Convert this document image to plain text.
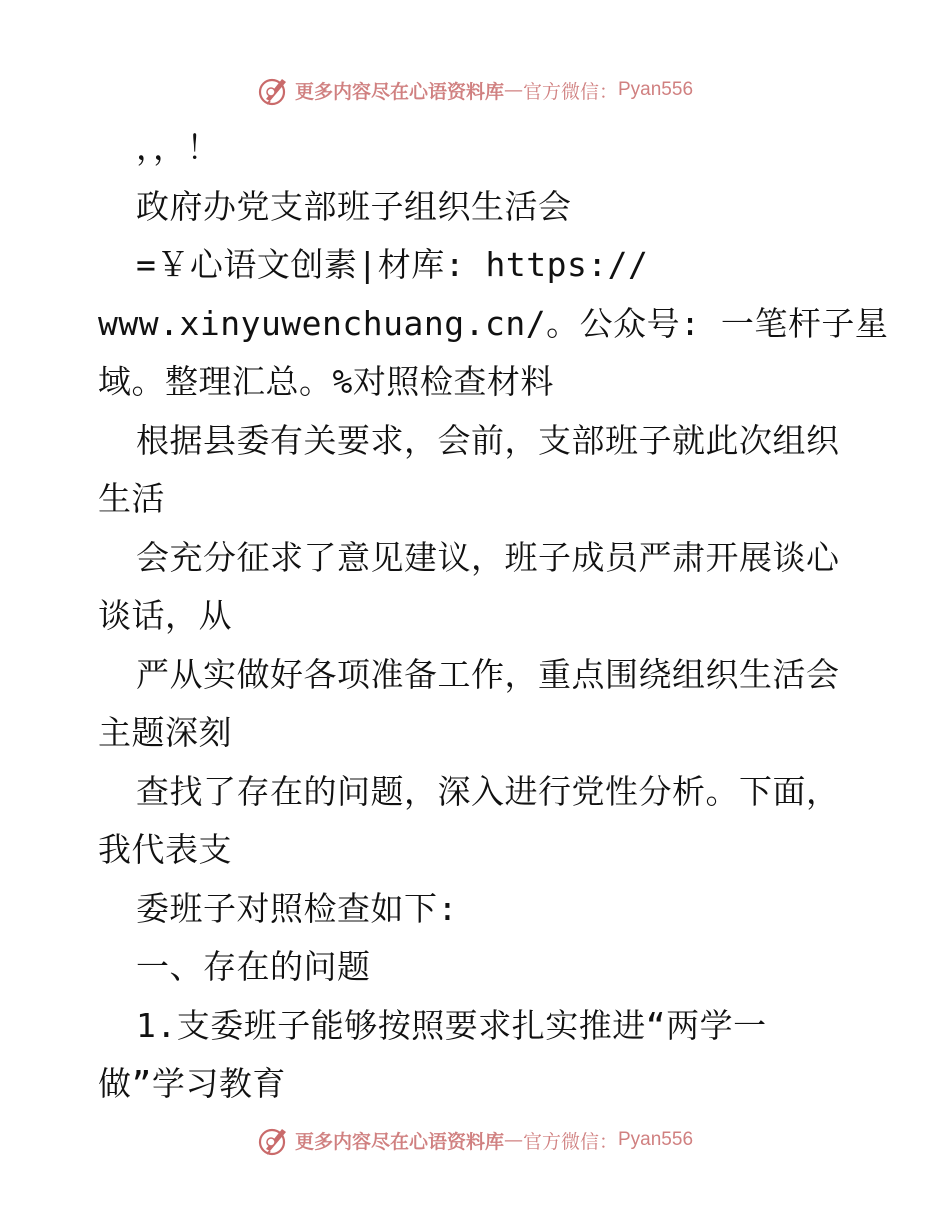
更多内容尽在心语资料库 — 官方微信： Pyan556
，，！
政府办党支部班子组织生活会
=￥心语文创素|材库: https://
www.xinyuwenchuang.cn/。公众号: 一笔杆子星
域。整理汇总。%对照检查材料
根据县委有关要求，会前，支部班子就此次组织
生活
会充分征求了意见建议，班子成员严肃开展谈心
谈话，从
严从实做好各项准备工作，重点围绕组织生活会
主题深刻
查找了存在的问题，深入进行党性分析。下面，
我代表支
委班子对照检查如下:
一、存在的问题
1.支委班子能够按照要求扎实推进“两学一
做”学习教育
更多内容尽在心语资料库 — 官方微信： Pyan556
